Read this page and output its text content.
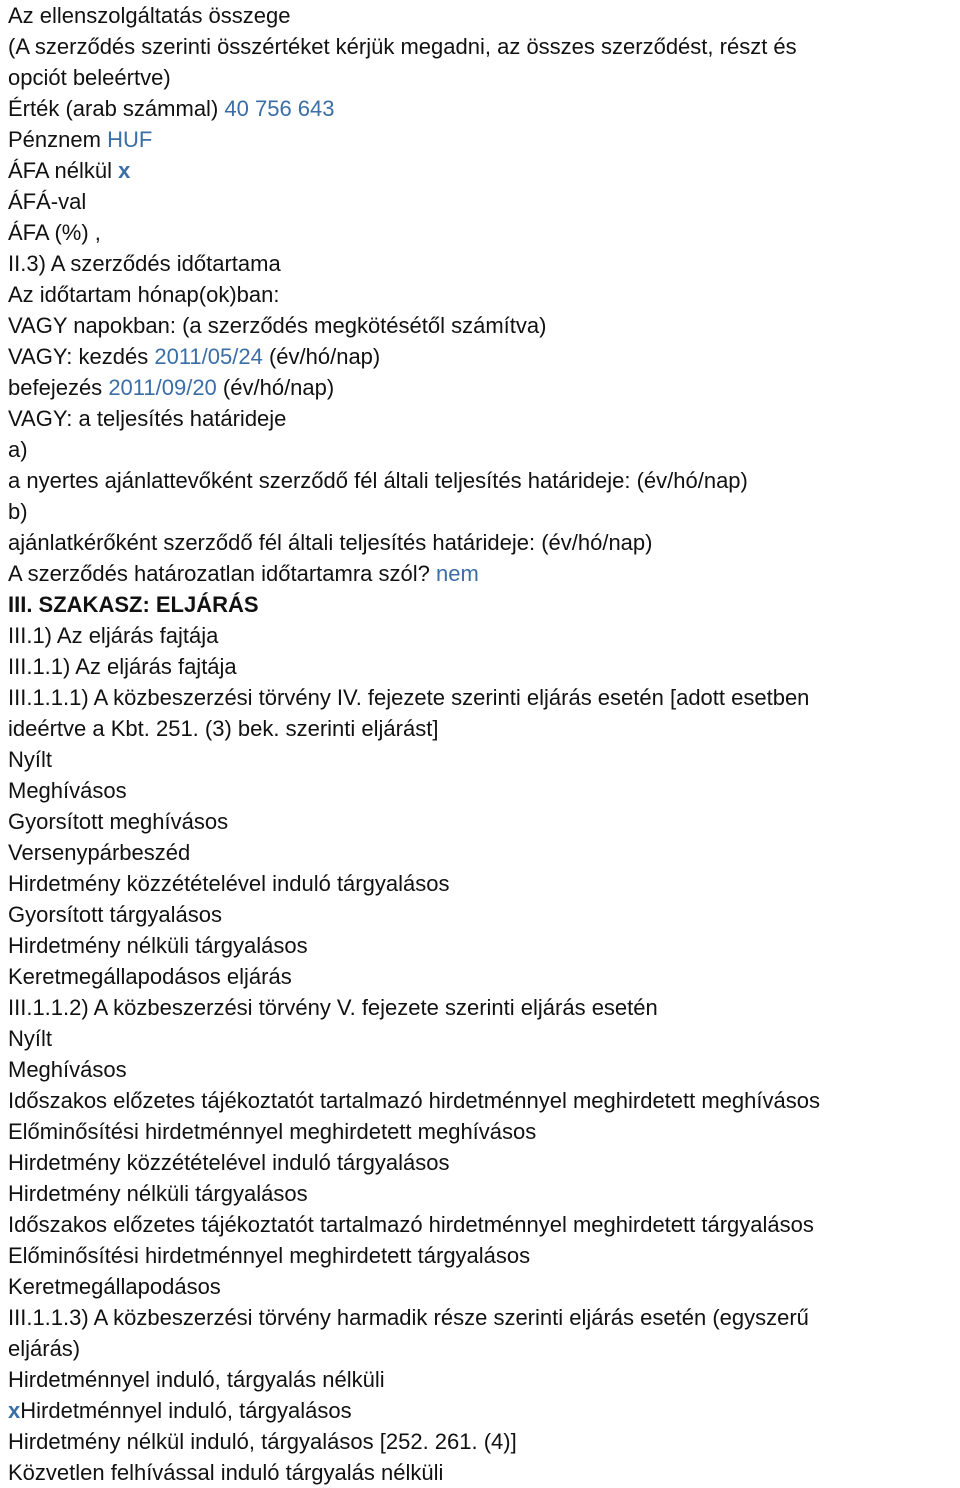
Az ellenszolgáltatás összege
(A szerződés szerinti összértéket kérjük megadni, az összes szerződést, részt és
opciót beleértve)
Érték (arab számmal) 40 756 643
Pénznem HUF
ÁFA nélkül x
ÁFÁ-val
ÁFA (%) ,
II.3) A szerződés időtartama
Az időtartam hónap(ok)ban:
VAGY napokban: (a szerződés megkötésétől számítva)
VAGY: kezdés 2011/05/24 (év/hó/nap)
befejezés 2011/09/20 (év/hó/nap)
VAGY: a teljesítés határideje
a)
a nyertes ajánlattevőként szerződő fél általi teljesítés határideje: (év/hó/nap)
b)
ajánlatkérőként szerződő fél általi teljesítés határideje: (év/hó/nap)
A szerződés határozatlan időtartamra szól? nem
III. SZAKASZ: ELJÁRÁS
III.1) Az eljárás fajtája
III.1.1) Az eljárás fajtája
III.1.1.1) A közbeszerzési törvény IV. fejezete szerinti eljárás esetén [adott esetben
ideértve a Kbt. 251. (3) bek. szerinti eljárást]
Nyílt
Meghívásos
Gyorsított meghívásos
Versenypárbeszéd
Hirdetmény közzétételével induló tárgyalásos
Gyorsított tárgyalásos
Hirdetmény nélküli tárgyalásos
Keretmegállapodásos eljárás
III.1.1.2) A közbeszerzési törvény V. fejezete szerinti eljárás esetén
Nyílt
Meghívásos
Időszakos előzetes tájékoztatót tartalmazó hirdetménnyel meghirdetett meghívásos
Előminősítési hirdetménnyel meghirdetett meghívásos
Hirdetmény közzétételével induló tárgyalásos
Hirdetmény nélküli tárgyalásos
Időszakos előzetes tájékoztatót tartalmazó hirdetménnyel meghirdetett tárgyalásos
Előminősítési hirdetménnyel meghirdetett tárgyalásos
Keretmegállapodásos
III.1.1.3) A közbeszerzési törvény harmadik része szerinti eljárás esetén (egyszerű
eljárás)
Hirdetménnyel induló, tárgyalás nélküli
xHirdetménnyel induló, tárgyalásos
Hirdetmény nélkül induló, tárgyalásos [252. 261. (4)]
Közvetlen felhívással induló tárgyalás nélküli
